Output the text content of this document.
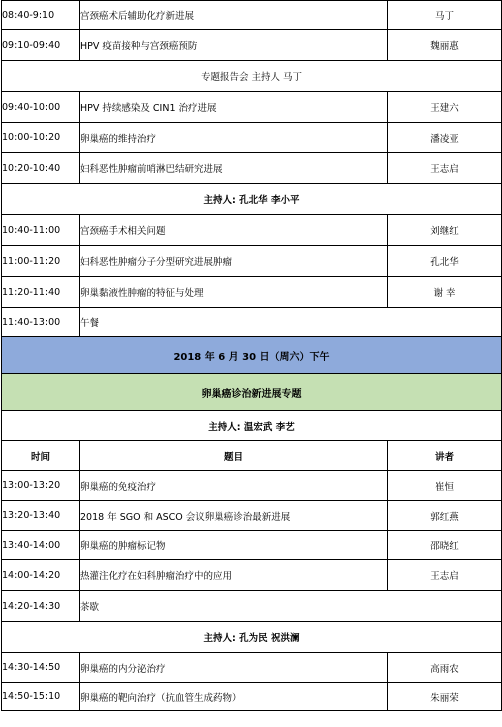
08:40-9:10	宫颈癌术后辅助化疗新进展	马丁
09:10-09:40	HPV 疫苗接种与宫颈癌预防	魏丽惠
专题报告会 主持人 马丁		
09:40-10:00	HPV 持续感染及 CIN1 治疗进展	王建六
10:00-10:20	卵巢癌的维持治疗	潘凌亚
10:20-10:40	妇科恶性肿瘤前哨淋巴结研究进展	王志启
主持人: 孔北华 李小平		
10:40-11:00	宫颈癌手术相关问题	刘继红
11:00-11:20	妇科恶性肿瘤分子分型研究进展肿瘤	孔北华
11:20-11:40	卵巢黏液性肿瘤的特征与处理	谢 幸
11:40-13:00	午餐	
2018 年 6 月 30 日（周六）下午		
卵巢癌诊治新进展专题		
主持人: 温宏武 李艺		
时间	题目	讲者
13:00-13:20	卵巢癌的免疫治疗	崔恒
13:20-13:40	2018 年 SGO 和 ASCO 会议卵巢癌诊治最新进展	郭红燕
13:40-14:00	卵巢癌的肿瘤标记物	邵晓红
14:00-14:20	热灌注化疗在妇科肿瘤治疗中的应用	王志启
14:20-14:30	茶歇	
主持人: 孔为民 祝洪澜		
14:30-14:50	卵巢癌的内分泌治疗	高雨农
14:50-15:10	卵巢癌的靶向治疗（抗血管生成药物）	朱丽荣
